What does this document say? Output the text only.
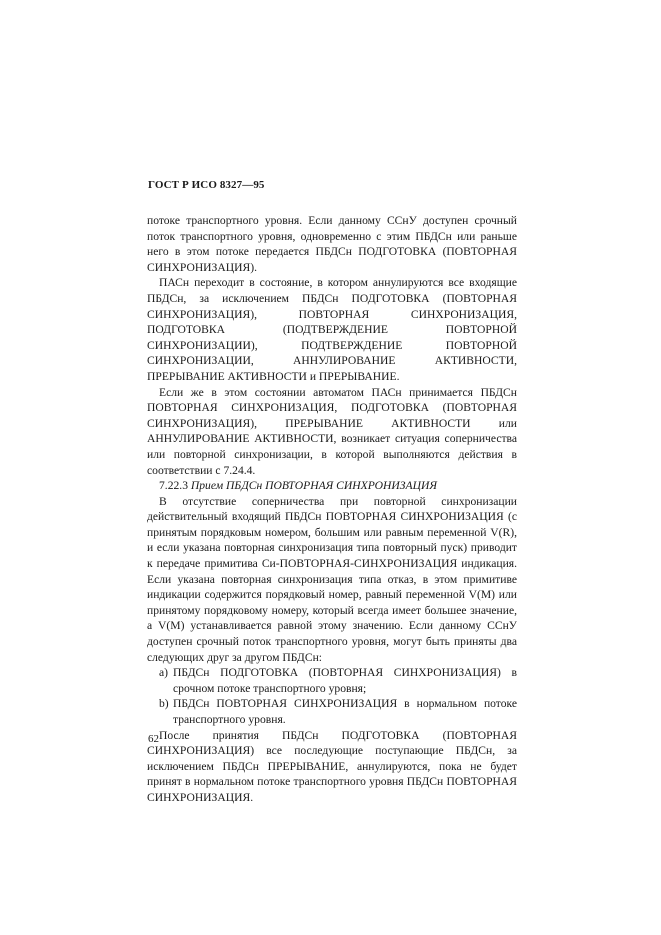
ГОСТ Р ИСО 8327—95

потоке транспортного уровня. Если данному ССнУ доступен срочный поток транспортного уровня, одновременно с этим ПБДСн или раньше него в этом потоке передается ПБДСн ПОДГОТОВКА (ПОВТОРНАЯ СИНХРОНИЗАЦИЯ).

ПАСн переходит в состояние, в котором аннулируются все входящие ПБДСн, за исключением ПБДСн ПОДГОТОВКА (ПОВТОРНАЯ СИНХРОНИЗАЦИЯ), ПОВТОРНАЯ СИНХРОНИЗАЦИЯ, ПОДГОТОВКА (ПОДТВЕРЖДЕНИЕ ПОВТОРНОЙ СИНХРОНИЗАЦИИ), ПОДТВЕРЖДЕНИЕ ПОВТОРНОЙ СИНХРОНИЗАЦИИ, АННУЛИРОВАНИЕ АКТИВНОСТИ, ПРЕРЫВАНИЕ АКТИВНОСТИ и ПРЕРЫВАНИЕ.

Если же в этом состоянии автоматом ПАСн принимается ПБДСн ПОВТОРНАЯ СИНХРОНИЗАЦИЯ, ПОДГОТОВКА (ПОВТОРНАЯ СИНХРОНИЗАЦИЯ), ПРЕРЫВАНИЕ АКТИВНОСТИ или АННУЛИРОВАНИЕ АКТИВНОСТИ, возникает ситуация соперничества или повторной синхронизации, в которой выполняются действия в соответствии с 7.24.4.

7.22.3 Прием ПБДСн ПОВТОРНАЯ СИНХРОНИЗАЦИЯ

В отсутствие соперничества при повторной синхронизации действительный входящий ПБДСн ПОВТОРНАЯ СИНХРОНИЗАЦИЯ (с принятым порядковым номером, большим или равным переменной V(R), и если указана повторная синхронизация типа повторный пуск) приводит к передаче примитива Си-ПОВТОРНАЯ-СИНХРОНИЗАЦИЯ индикация. Если указана повторная синхронизация типа отказ, в этом примитиве индикации содержится порядковый номер, равный переменной V(M) или принятому порядковому номеру, который всегда имеет большее значение, а V(M) устанавливается равной этому значению. Если данному ССнУ доступен срочный поток транспортного уровня, могут быть приняты два следующих друг за другом ПБДСн:

a) ПБДСн ПОДГОТОВКА (ПОВТОРНАЯ СИНХРОНИЗАЦИЯ) в срочном потоке транспортного уровня;
b) ПБДСн ПОВТОРНАЯ СИНХРОНИЗАЦИЯ в нормальном потоке транспортного уровня.

После принятия ПБДСн ПОДГОТОВКА (ПОВТОРНАЯ СИНХРОНИЗАЦИЯ) все последующие поступающие ПБДСн, за исключением ПБДСн ПРЕРЫВАНИЕ, аннулируются, пока не будет принят в нормальном потоке транспортного уровня ПБДСн ПОВТОРНАЯ СИНХРОНИЗАЦИЯ.

62
